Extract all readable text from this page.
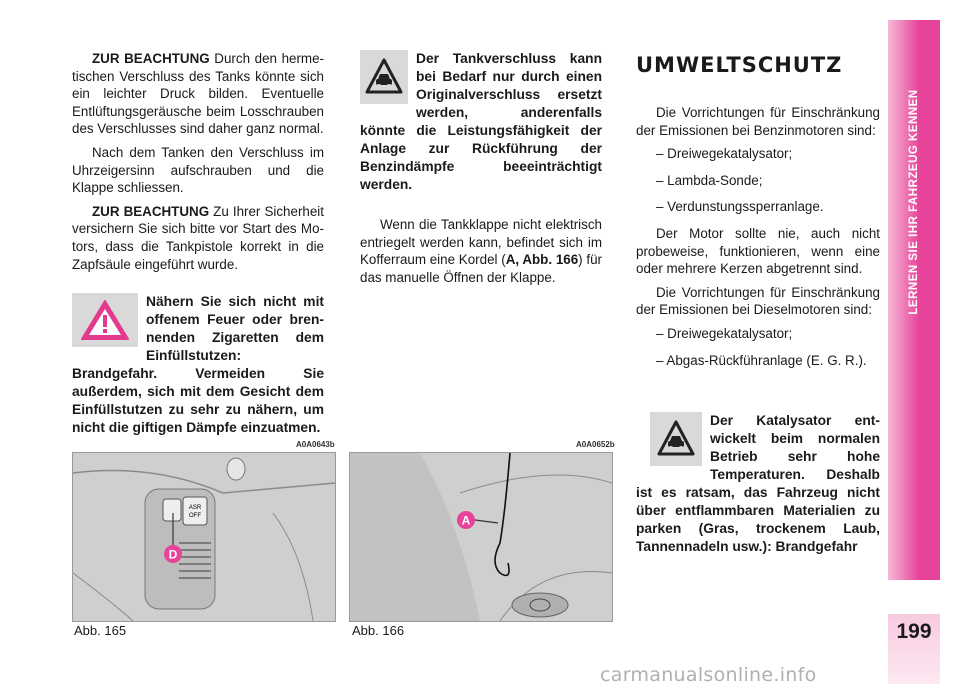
ZUR BEACHTUNG Durch den hermetischen Verschluss des Tanks könnte sich ein leichter Druck bilden. Eventuelle Entlüftungsgeräusche beim Losschrauben des Verschlusses sind daher ganz normal.

Nach dem Tanken den Verschluss im Uhrzeigersinn aufschrauben und die Klappe schliessen.

ZUR BEACHTUNG Zu Ihrer Sicherheit versichern Sie sich bitte vor Start des Motors, dass die Tankpistole korrekt in die Zapfsäule eingeführt wurde.

Nähern Sie sich nicht mit offenem Feuer oder brennenden Zigaretten dem Einfüllstutzen: Brandgefahr. Vermeiden Sie außerdem, sich mit dem Gesicht dem Einfüllstutzen zu sehr zu nähern, um nicht die giftigen Dämpfe einzuatmen.
Der Tankverschluss kann bei Bedarf nur durch einen Originalverschluss ersetzt werden, anderenfalls könnte die Leistungsfähigkeit der Anlage zur Rückführung der Benzindämpfe beeeinträchtigt werden.

Wenn die Tankklappe nicht elektrisch entriegelt werden kann, befindet sich im Kofferraum eine Kordel (A, Abb. 166) für das manuelle Öffnen der Klappe.

UMWELTSCHUTZ

Die Vorrichtungen für Einschränkung der Emissionen bei Benzinmotoren sind:

– Dreiwegekatalysator;

– Lambda-Sonde;

– Verdunstungssperranlage.

Der Motor sollte nie, auch nicht probeweise, funktionieren, wenn eine oder mehrere Kerzen abgetrennt sind.

Die Vorrichtungen für Einschränkung der Emissionen bei Dieselmotoren sind:

– Dreiwegekatalysator;

– Abgas-Rückführanlage (E. G. R.).

Der Katalysator entwickelt beim normalen Betrieb sehr hohe Temperaturen. Deshalb ist es ratsam, das Fahrzeug nicht über entflammbaren Materialien zu parken (Gras, trockenem Laub, Tannennadeln usw.): Brandgefahr
A0A0643b
ASR
OFF
D
Abb. 165
A0A0652b
A
Abb. 166
LERNEN SIE IHR FAHRZEUG KENNEN
199
carmanualsonline.info
